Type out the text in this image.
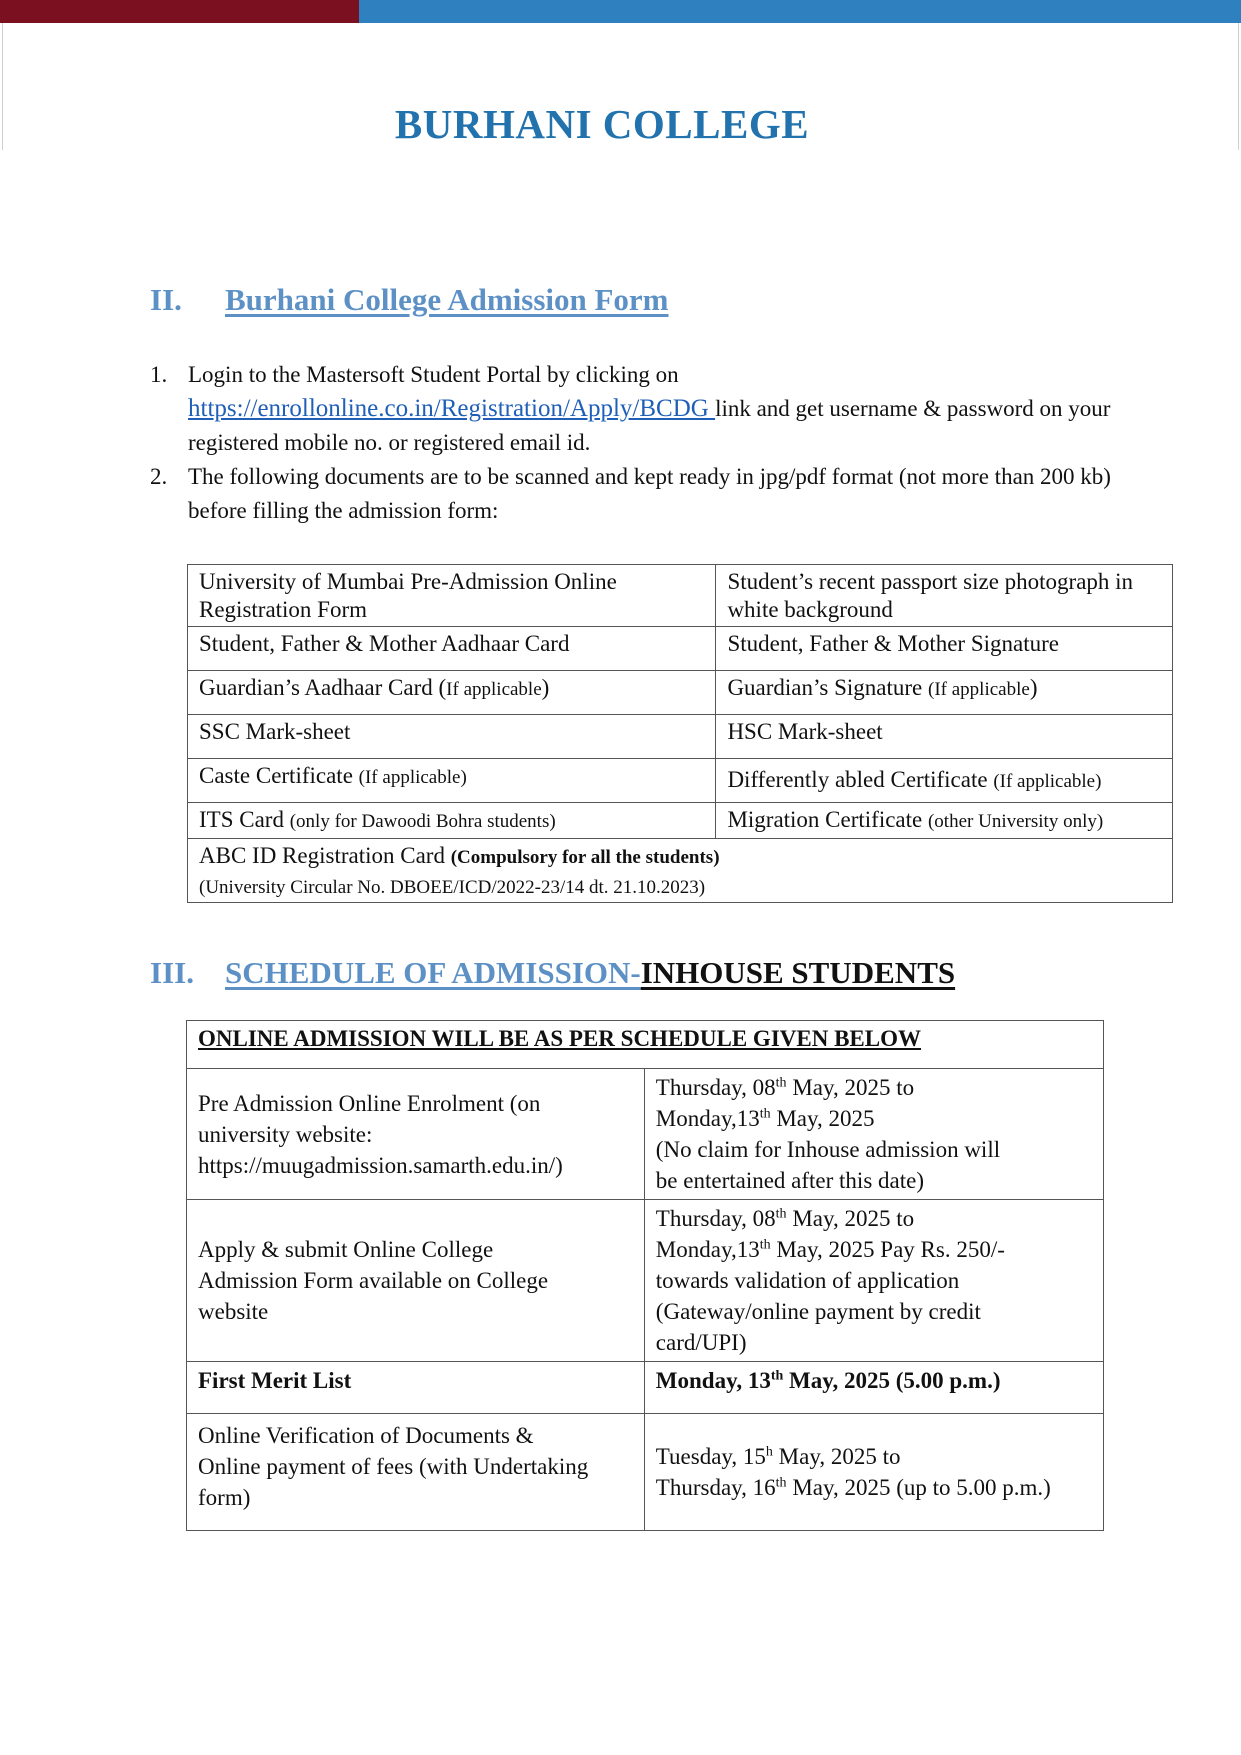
BURHANI COLLEGE
II. Burhani College Admission Form
1. Login to the Mastersoft Student Portal by clicking on
https://enrollonline.co.in/Registration/Apply/BCDG link and get username & password on your registered mobile no. or registered email id.
2. The following documents are to be scanned and kept ready in jpg/pdf format (not more than 200 kb) before filling the admission form:
University of Mumbai Pre-Admission Online Registration Form	Student’s recent passport size photograph in white background
Student, Father & Mother Aadhaar Card	Student, Father & Mother Signature
Guardian’s Aadhaar Card (If applicable)	Guardian’s Signature (If applicable)
SSC Mark-sheet	HSC Mark-sheet
Caste Certificate (If applicable)	Differently abled Certificate (If applicable)
ITS Card (only for Dawoodi Bohra students)	Migration Certificate (other University only)
ABC ID Registration Card (Compulsory for all the students)
(University Circular No. DBOEE/ICD/2022-23/14 dt. 21.10.2023)	
III. SCHEDULE OF ADMISSION-INHOUSE STUDENTS
ONLINE ADMISSION WILL BE AS PER SCHEDULE GIVEN BELOW	
Pre Admission Online Enrolment (on
university website:
https://muugadmission.samarth.edu.in/)	Thursday, 08th May, 2025 to
Monday,13th May, 2025
(No claim for Inhouse admission will
be entertained after this date)
Apply & submit Online College
Admission Form available on College
website	Thursday, 08th May, 2025 to
Monday,13th May, 2025 Pay Rs. 250/-
towards validation of application
(Gateway/online payment by credit
card/UPI)
First Merit List	Monday, 13th May, 2025 (5.00 p.m.)
Online Verification of Documents &
Online payment of fees (with Undertaking
form)	Tuesday, 15$^h$ May, 2025 to
Thursday, 16th May, 2025 (up to 5.00 p.m.)
